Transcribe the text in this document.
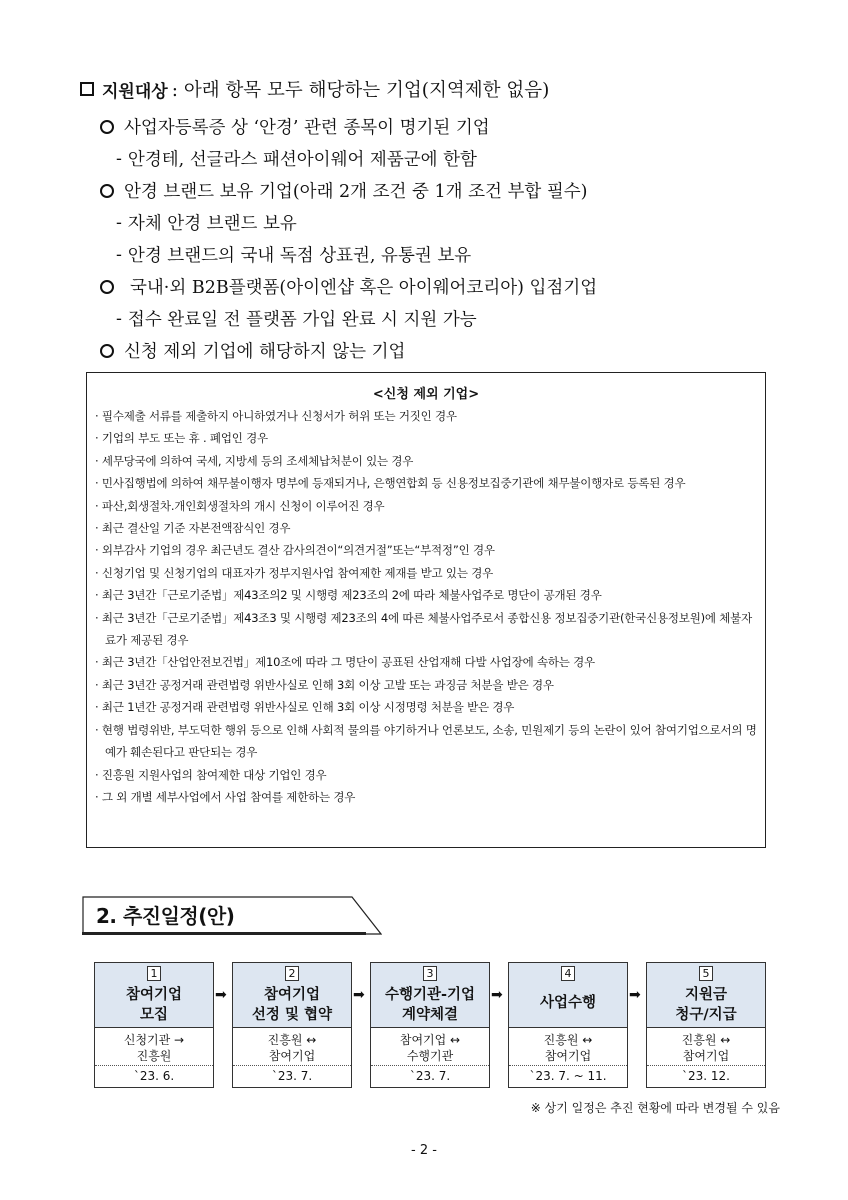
지원대상 : 아래 항목 모두 해당하는 기업(지역제한 없음)
사업자등록증 상 ‘안경’ 관련 종목이 명기된 기업
- 안경테, 선글라스 패션아이웨어 제품군에 한함
안경 브랜드 보유 기업(아래 2개 조건 중 1개 조건 부합 필수)
- 자체 안경 브랜드 보유
- 안경 브랜드의 국내 독점 상표권, 유통권 보유
국내·외 B2B플랫폼(아이엔샵 혹은 아이웨어코리아) 입점기업
- 접수 완료일 전 플랫폼 가입 완료 시 지원 가능
신청 제외 기업에 해당하지 않는 기업
<신청 제외 기업>
· 필수제출 서류를 제출하지 아니하였거나 신청서가 허위 또는 거짓인 경우
· 기업의 부도 또는 휴 . 폐업인 경우
· 세무당국에 의하여 국세, 지방세 등의 조세체납처분이 있는 경우
· 민사집행법에 의하여 채무불이행자 명부에 등재되거나, 은행연합회 등 신용정보집중기관에 채무불이행자로 등록된 경우
· 파산,회생절차.개인회생절차의 개시 신청이 이루어진 경우
· 최근 결산일 기준 자본전액잠식인 경우
· 외부감사 기업의 경우 최근년도 결산 감사의견이“의견거절”또는“부적정”인 경우
· 신청기업 및 신청기업의 대표자가 정부지원사업 참여제한 제재를 받고 있는 경우
· 최근 3년간「근로기준법」제43조의2 및 시행령 제23조의 2에 따라 체불사업주로 명단이 공개된 경우
· 최근 3년간「근로기준법」제43조3 및 시행령 제23조의 4에 따른 체불사업주로서 종합신용 정보집중기관(한국신용정보원)에 체불자료가 제공된 경우
· 최근 3년간「산업안전보건법」제10조에 따라 그 명단이 공표된 산업재해 다발 사업장에 속하는 경우
· 최근 3년간 공정거래 관련법령 위반사실로 인해 3회 이상 고발 또는 과징금 처분을 받은 경우
· 최근 1년간 공정거래 관련법령 위반사실로 인해 3회 이상 시정명령 처분을 받은 경우
· 현행 법령위반, 부도덕한 행위 등으로 인해 사회적 물의를 야기하거나 언론보도, 소송, 민원제기 등의 논란이 있어 참여기업으로서의 명예가 훼손된다고 판단되는 경우
· 진흥원 지원사업의 참여제한 대상 기업인 경우
· 그 외 개별 세부사업에서 사업 참여를 제한하는 경우
2. 추진일정(안)
1
참여기업
모집
신청기관 →
진흥원
`23. 6.
➡
2
참여기업
선정 및 협약
진흥원 ↔
참여기업
`23. 7.
➡
3
수행기관-기업
계약체결
참여기업 ↔
수행기관
`23. 7.
➡
4
사업수행
진흥원 ↔
참여기업
`23. 7. ~ 11.
➡
5
지원금
청구/지급
진흥원 ↔
참여기업
`23. 12.
※ 상기 일정은 추진 현황에 따라 변경될 수 있음
- 2 -
